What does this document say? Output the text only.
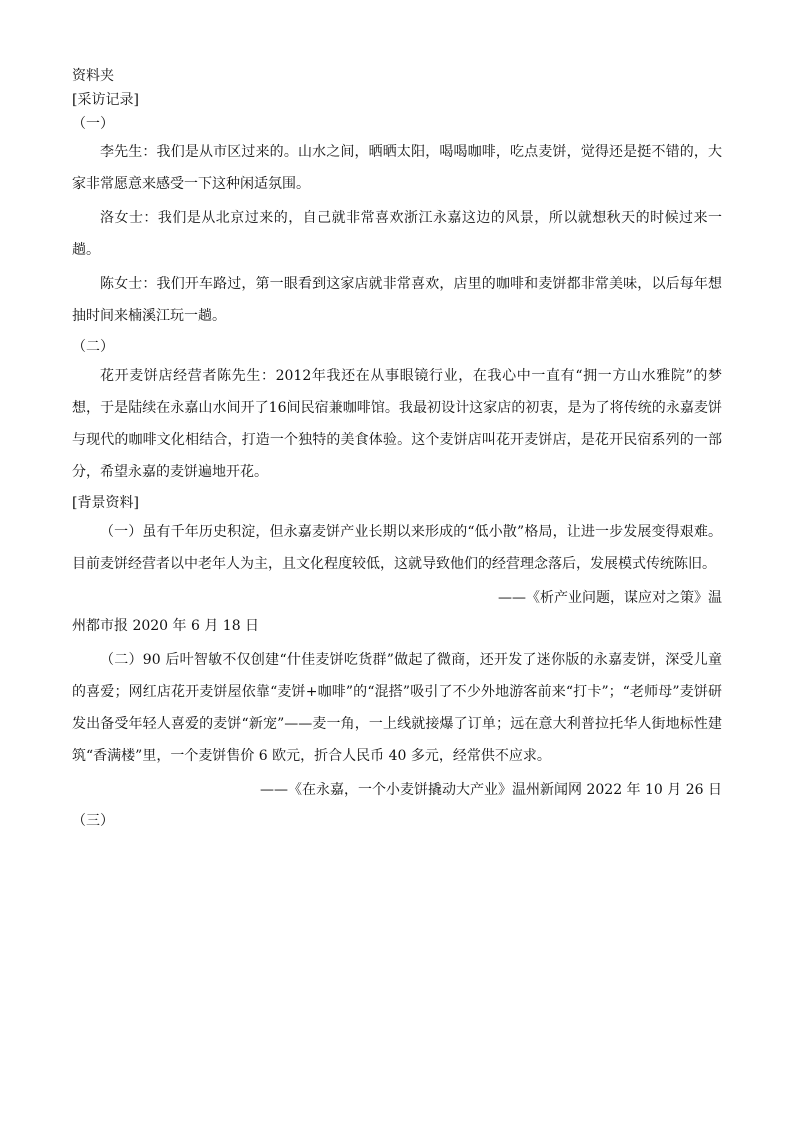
资料夹

[采访记录]

（一）

李先生：我们是从市区过来的。山水之间，晒晒太阳，喝喝咖啡，吃点麦饼，觉得还是挺不错的，大家非常愿意来感受一下这种闲适氛围。

洛女士：我们是从北京过来的，自己就非常喜欢浙江永嘉这边的风景，所以就想秋天的时候过来一趟。

陈女士：我们开车路过，第一眼看到这家店就非常喜欢，店里的咖啡和麦饼都非常美味，以后每年想抽时间来楠溪江玩一趟。

（二）

花开麦饼店经营者陈先生：2012年我还在从事眼镜行业，在我心中一直有“拥一方山水雅院”的梦想，于是陆续在永嘉山水间开了16间民宿兼咖啡馆。我最初设计这家店的初衷，是为了将传统的永嘉麦饼与现代的咖啡文化相结合，打造一个独特的美食体验。这个麦饼店叫花开麦饼店，是花开民宿系列的一部分，希望永嘉的麦饼遍地开花。

[背景资料]

（一）虽有千年历史积淀，但永嘉麦饼产业长期以来形成的“低小散”格局，让进一步发展变得艰难。目前麦饼经营者以中老年人为主，且文化程度较低，这就导致他们的经营理念落后，发展模式传统陈旧。

——《析产业问题，谋应对之策》温

州都市报 2020 年 6 月 18 日

（二）90 后叶智敏不仅创建“什佳麦饼吃货群”做起了微商，还开发了迷你版的永嘉麦饼，深受儿童的喜爱；网红店花开麦饼屋依靠“麦饼+咖啡”的“混搭”吸引了不少外地游客前来“打卡”；“老师母”麦饼研发出备受年轻人喜爱的麦饼“新宠”——麦一角，一上线就接爆了订单；远在意大利普拉托华人街地标性建筑“香满楼”里，一个麦饼售价 6 欧元，折合人民币 40 多元，经常供不应求。

——《在永嘉，一个小麦饼撬动大产业》温州新闻网 2022 年 10 月 26 日

（三）
